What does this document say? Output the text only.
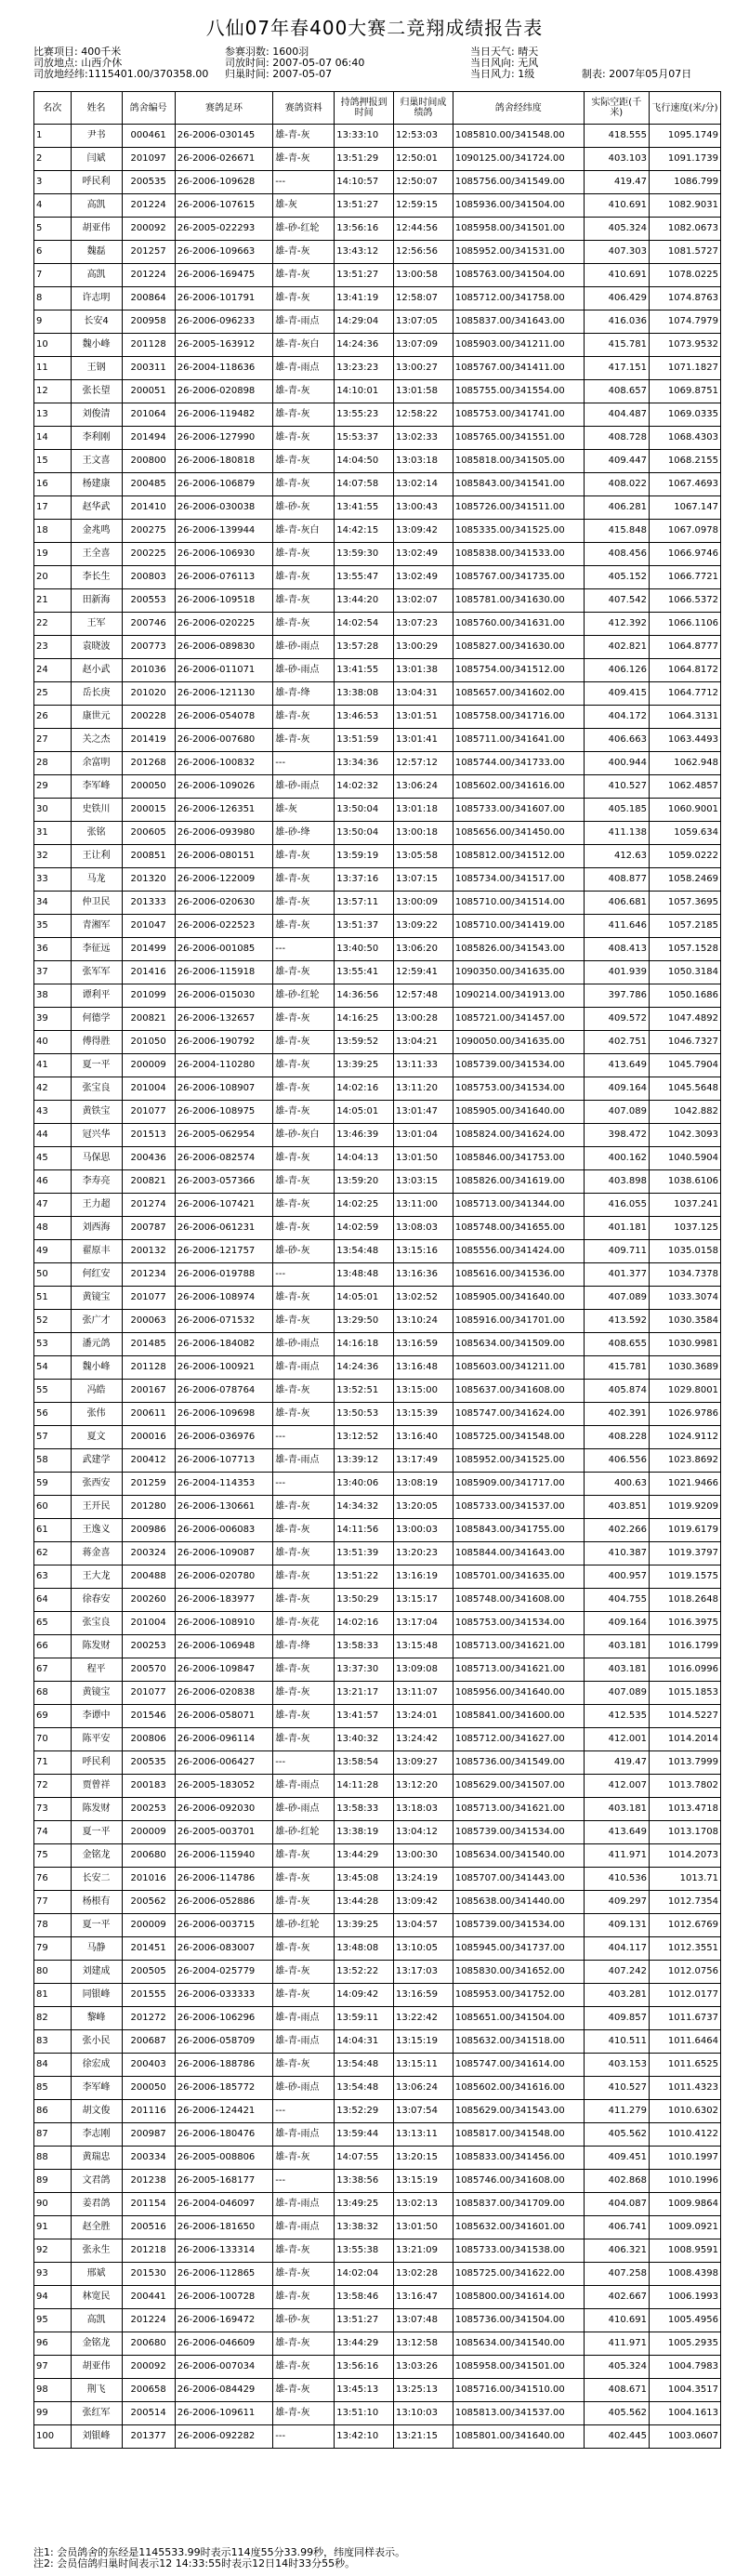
八仙07年春400大赛二竞翔成绩报告表
比赛项目: 400千米	参赛羽数: 1600羽	当日天气: 晴天
司放地点: 山西介休	司放时间: 2007-05-07 06:40	当日风向: 无风
司放地经纬:1115401.00/370358.00	归巢时间: 2007-05-07	当日风力: 1级	制表: 2007年05月07日
名次	姓名	鸽舍编号	赛鸽足环	赛鸽资料	持鸽押报到时间	归巢时间成绩鸽	鸽舍经纬度	实际空距(千米)	飞行速度(米/分)
1	尹书	000461	26-2006-030145	雄-青-灰	13:33:10	12:53:03	1085810.00/341548.00	418.555	1095.1749
2	闫斌	201097	26-2006-026671	雄-青-灰	13:51:29	12:50:01	1090125.00/341724.00	403.103	1091.1739
3	呼民利	200535	26-2006-109628	---	14:10:57	12:50:07	1085756.00/341549.00	419.47	1086.799
4	高凯	201224	26-2006-107615	雄-灰	13:51:27	12:59:15	1085936.00/341504.00	410.691	1082.9031
5	胡亚伟	200092	26-2005-022293	雄-砂-红轮	13:56:16	12:44:56	1085958.00/341501.00	405.324	1082.0673
6	魏磊	201257	26-2006-109663	雄-青-灰	13:43:12	12:56:56	1085952.00/341531.00	407.303	1081.5727
7	高凯	201224	26-2006-169475	雄-青-灰	13:51:27	13:00:58	1085763.00/341504.00	410.691	1078.0225
8	许志明	200864	26-2006-101791	雄-青-灰	13:41:19	12:58:07	1085712.00/341758.00	406.429	1074.8763
9	长安4	200958	26-2006-096233	雄-青-雨点	14:29:04	13:07:05	1085837.00/341643.00	416.036	1074.7979
10	魏小峰	201128	26-2005-163912	雄-青-灰白	14:24:36	13:07:09	1085903.00/341211.00	415.781	1073.9532
11	王钢	200311	26-2004-118636	雄-青-雨点	13:23:23	13:00:27	1085767.00/341411.00	417.151	1071.1827
12	张长望	200051	26-2006-020898	雄-青-灰	14:10:01	13:01:58	1085755.00/341554.00	408.657	1069.8751
13	刘俊清	201064	26-2006-119482	雄-青-灰	13:55:23	12:58:22	1085753.00/341741.00	404.487	1069.0335
14	李利刚	201494	26-2006-127990	雄-青-灰	15:53:37	13:02:33	1085765.00/341551.00	408.728	1068.4303
15	王文喜	200800	26-2006-180818	雄-青-灰	14:04:50	13:03:18	1085818.00/341505.00	409.447	1068.2155
16	杨建康	200485	26-2006-106879	雄-青-灰	14:07:58	13:02:14	1085843.00/341541.00	408.022	1067.4693
17	赵华武	201410	26-2006-030038	雄-砂-灰	13:41:55	13:00:43	1085726.00/341511.00	406.281	1067.147
18	金兆鸣	200275	26-2006-139944	雄-青-灰白	14:42:15	13:09:42	1085335.00/341525.00	415.848	1067.0978
19	王全喜	200225	26-2006-106930	雄-青-灰	13:59:30	13:02:49	1085838.00/341533.00	408.456	1066.9746
20	李长生	200803	26-2006-076113	雄-青-灰	13:55:47	13:02:49	1085767.00/341735.00	405.152	1066.7721
21	田新海	200553	26-2006-109518	雄-青-灰	13:44:20	13:02:07	1085781.00/341630.00	407.542	1066.5372
22	王军	200746	26-2006-020225	雄-青-灰	14:02:54	13:07:23	1085760.00/341631.00	412.392	1066.1106
23	袁晓波	200773	26-2006-089830	雄-砂-雨点	13:57:28	13:00:29	1085827.00/341630.00	402.821	1064.8777
24	赵小武	201036	26-2006-011071	雄-砂-雨点	13:41:55	13:01:38	1085754.00/341512.00	406.126	1064.8172
25	岳长庚	201020	26-2006-121130	雄-青-绛	13:38:08	13:04:31	1085657.00/341602.00	409.415	1064.7712
26	康世元	200228	26-2006-054078	雄-青-灰	13:46:53	13:01:51	1085758.00/341716.00	404.172	1064.3131
27	关之杰	201419	26-2006-007680	雄-青-灰	13:51:59	13:01:41	1085711.00/341641.00	406.663	1063.4493
28	余富明	201268	26-2006-100832	---	13:34:36	12:57:12	1085744.00/341733.00	400.944	1062.948
29	李军峰	200050	26-2006-109026	雄-砂-雨点	14:02:32	13:06:24	1085602.00/341616.00	410.527	1062.4857
30	史铁川	200015	26-2006-126351	雄-灰	13:50:04	13:01:18	1085733.00/341607.00	405.185	1060.9001
31	张铭	200605	26-2006-093980	雄-砂-绛	13:50:04	13:00:18	1085656.00/341450.00	411.138	1059.634
32	王让利	200851	26-2006-080151	雄-青-灰	13:59:19	13:05:58	1085812.00/341512.00	412.63	1059.0222
33	马龙	201320	26-2006-122009	雄-青-灰	13:37:16	13:07:15	1085734.00/341517.00	408.877	1058.2469
34	仲卫民	201333	26-2006-020630	雄-青-灰	13:57:11	13:00:09	1085710.00/341514.00	406.681	1057.3695
35	青湘军	201047	26-2006-022523	雄-青-灰	13:51:37	13:09:22	1085710.00/341419.00	411.646	1057.2185
36	李征远	201499	26-2006-001085	---	13:40:50	13:06:20	1085826.00/341543.00	408.413	1057.1528
37	张军军	201416	26-2006-115918	雄-青-灰	13:55:41	12:59:41	1090350.00/341635.00	401.939	1050.3184
38	谭利平	201099	26-2006-015030	雄-砂-红轮	14:36:56	12:57:48	1090214.00/341913.00	397.786	1050.1686
39	何德学	200821	26-2006-132657	雄-青-灰	14:16:25	13:00:28	1085721.00/341457.00	409.572	1047.4892
40	傅得胜	201050	26-2006-190792	雄-青-灰	13:59:52	13:04:21	1090050.00/341635.00	402.751	1046.7327
41	夏一平	200009	26-2004-110280	雄-青-灰	13:39:25	13:11:33	1085739.00/341534.00	413.649	1045.7904
42	张宝良	201004	26-2006-108907	雄-青-灰	14:02:16	13:11:20	1085753.00/341534.00	409.164	1045.5648
43	黄铁宝	201077	26-2006-108975	雄-青-灰	14:05:01	13:01:47	1085905.00/341640.00	407.089	1042.882
44	冠兴华	201513	26-2005-062954	雄-砂-灰白	13:46:39	13:01:04	1085824.00/341624.00	398.472	1042.3093
45	马保思	200436	26-2006-082574	雄-青-灰	14:04:13	13:01:50	1085846.00/341753.00	400.162	1040.5904
46	李寿亮	200821	26-2003-057366	雄-青-灰	13:59:20	13:03:15	1085826.00/341619.00	403.898	1038.6106
47	王力超	201274	26-2006-107421	雄-青-灰	14:02:25	13:11:00	1085713.00/341344.00	416.055	1037.241
48	刘西海	200787	26-2006-061231	雄-青-灰	14:02:59	13:08:03	1085748.00/341655.00	401.181	1037.125
49	翟原丰	200132	26-2006-121757	雄-砂-灰	13:54:48	13:15:16	1085556.00/341424.00	409.711	1035.0158
50	何红安	201234	26-2006-019788	---	13:48:48	13:16:36	1085616.00/341536.00	401.377	1034.7378
51	黄镜宝	201077	26-2006-108974	雄-青-灰	14:05:01	13:02:52	1085905.00/341640.00	407.089	1033.3074
52	张广才	200063	26-2006-071532	雄-青-灰	13:29:50	13:10:24	1085916.00/341701.00	413.592	1030.3584
53	潘元鸽	201485	26-2006-184082	雄-砂-雨点	14:16:18	13:16:59	1085634.00/341509.00	408.655	1030.9981
54	魏小峰	201128	26-2006-100921	雄-青-雨点	14:24:36	13:16:48	1085603.00/341211.00	415.781	1030.3689
55	冯皓	200167	26-2006-078764	雄-青-灰	13:52:51	13:15:00	1085637.00/341608.00	405.874	1029.8001
56	张伟	200611	26-2006-109698	雄-青-灰	13:50:53	13:15:39	1085747.00/341624.00	402.391	1026.9786
57	夏文	200016	26-2006-036976	---	13:12:52	13:16:40	1085725.00/341548.00	408.228	1024.9112
58	武建学	200412	26-2006-107713	雄-青-雨点	13:39:12	13:17:49	1085952.00/341525.00	406.556	1023.8692
59	张西安	201259	26-2004-114353	---	13:40:06	13:08:19	1085909.00/341717.00	400.63	1021.9466
60	王开民	201280	26-2006-130661	雄-青-灰	14:34:32	13:20:05	1085733.00/341537.00	403.851	1019.9209
61	王逸义	200986	26-2006-006083	雄-青-灰	14:11:56	13:00:03	1085843.00/341755.00	402.266	1019.6179
62	蒋金喜	200324	26-2006-109087	雄-青-灰	13:51:39	13:20:23	1085844.00/341643.00	410.387	1019.3797
63	王大龙	200488	26-2006-020780	雄-青-灰	13:51:22	13:16:19	1085701.00/341635.00	400.957	1019.1575
64	徐春安	200260	26-2006-183977	雄-青-灰	13:50:29	13:15:17	1085748.00/341608.00	404.755	1018.2648
65	张宝良	201004	26-2006-108910	雄-青-灰花	14:02:16	13:17:04	1085753.00/341534.00	409.164	1016.3975
66	陈发财	200253	26-2006-106948	雄-青-绛	13:58:33	13:15:48	1085713.00/341621.00	403.181	1016.1799
67	程平	200570	26-2006-109847	雄-青-灰	13:37:30	13:09:08	1085713.00/341621.00	403.181	1016.0996
68	黄镜宝	201077	26-2006-020838	雄-青-灰	13:21:17	13:11:07	1085956.00/341640.00	407.089	1015.1853
69	李谭中	201546	26-2006-058071	雄-青-灰	13:41:57	13:24:01	1085841.00/341600.00	412.535	1014.5227
70	陈平安	200806	26-2006-096114	雄-青-灰	13:40:32	13:24:42	1085712.00/341627.00	412.001	1014.2014
71	呼民利	200535	26-2006-006427	---	13:58:54	13:09:27	1085736.00/341549.00	419.47	1013.7999
72	贾曾祥	200183	26-2005-183052	雄-青-雨点	14:11:28	13:12:20	1085629.00/341507.00	412.007	1013.7802
73	陈发财	200253	26-2006-092030	雄-砂-雨点	13:58:33	13:18:03	1085713.00/341621.00	403.181	1013.4718
74	夏一平	200009	26-2005-003701	雄-砂-红轮	13:38:19	13:04:12	1085739.00/341534.00	413.649	1013.1708
75	金铭龙	200680	26-2006-115940	雄-青-灰	13:44:29	13:00:30	1085634.00/341540.00	411.971	1014.2073
76	长安二	201016	26-2006-114786	雄-青-灰	13:45:08	13:24:19	1085707.00/341443.00	410.536	1013.71
77	杨根有	200562	26-2006-052886	雄-青-灰	13:44:28	13:09:42	1085638.00/341440.00	409.297	1012.7354
78	夏一平	200009	26-2006-003715	雄-砂-红轮	13:39:25	13:04:57	1085739.00/341534.00	409.131	1012.6769
79	马静	201451	26-2006-083007	雄-青-灰	13:48:08	13:10:05	1085945.00/341737.00	404.117	1012.3551
80	刘建成	200505	26-2004-025779	雄-青-灰	13:52:22	13:17:03	1085830.00/341652.00	407.242	1012.0756
81	同银峰	201555	26-2006-033333	雄-青-灰	14:09:42	13:16:59	1085953.00/341752.00	403.281	1012.0177
82	黎峰	201272	26-2006-106296	雄-青-雨点	13:59:11	13:22:42	1085651.00/341504.00	409.857	1011.6737
83	张小民	200687	26-2006-058709	雄-青-雨点	14:04:31	13:15:19	1085632.00/341518.00	410.511	1011.6464
84	徐宏成	200403	26-2006-188786	雄-青-灰	13:54:48	13:15:11	1085747.00/341614.00	403.153	1011.6525
85	李军峰	200050	26-2006-185772	雄-砂-雨点	13:54:48	13:06:24	1085602.00/341616.00	410.527	1011.4323
86	胡文俊	201116	26-2006-124421	---	13:52:29	13:07:54	1085629.00/341543.00	411.279	1010.6302
87	李志刚	200987	26-2006-180476	雄-青-雨点	13:59:44	13:13:11	1085817.00/341548.00	405.562	1010.4122
88	黄瑞忠	200334	26-2005-008806	雄-青-灰	14:07:55	13:20:15	1085833.00/341456.00	409.451	1010.1997
89	文君鸽	201238	26-2005-168177	---	13:38:56	13:15:19	1085746.00/341608.00	402.868	1010.1996
90	姜君鸽	201154	26-2004-046097	雄-青-雨点	13:49:25	13:02:13	1085837.00/341709.00	404.087	1009.9864
91	赵全胜	200516	26-2006-181650	雄-青-雨点	13:38:32	13:01:50	1085632.00/341601.00	406.741	1009.0921
92	张永生	201218	26-2006-133314	雄-青-灰	13:55:38	13:21:09	1085733.00/341538.00	406.321	1008.9591
93	邢斌	201530	26-2006-112865	雄-青-灰	14:02:04	13:02:28	1085725.00/341622.00	407.258	1008.4398
94	林宽民	200441	26-2006-100728	雄-青-灰	13:58:46	13:16:47	1085800.00/341614.00	402.667	1006.1993
95	高凯	201224	26-2006-169472	雄-砂-灰	13:51:27	13:07:48	1085736.00/341504.00	410.691	1005.4956
96	金铭龙	200680	26-2006-046609	雄-青-灰	13:44:29	13:12:58	1085634.00/341540.00	411.971	1005.2935
97	胡亚伟	200092	26-2006-007034	雄-青-灰	13:56:16	13:03:26	1085958.00/341501.00	405.324	1004.7983
98	荆飞	200658	26-2006-084429	雄-青-灰	13:45:13	13:25:13	1085716.00/341510.00	408.671	1004.3517
99	张红军	200514	26-2006-109611	雄-青-灰	13:51:10	13:10:03	1085813.00/341537.00	405.562	1004.1613
100	刘银峰	201377	26-2006-092282	---	13:42:10	13:21:15	1085801.00/341640.00	402.445	1003.0607
注1: 会员鸽舍的东经是1145533.99时表示114度55分33.99秒，纬度同样表示。
注2: 会员信鸽归巢时间表示12 14:33:55时表示12日14时33分55秒。
